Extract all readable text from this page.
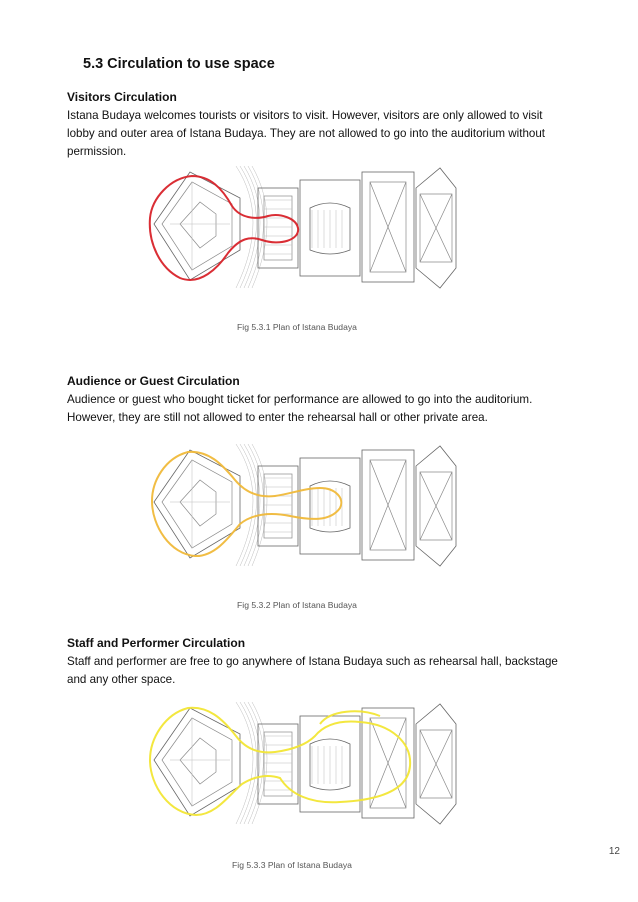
5.3 Circulation to use space
Visitors Circulation
Istana Budaya welcomes tourists or visitors to visit. However, visitors are only allowed to visit
lobby and outer area of Istana Budaya. They are not allowed to go into the auditorium without
permission.
Fig 5.3.1 Plan of Istana Budaya
Audience or Guest Circulation
Audience or guest who bought ticket for performance are allowed to go into the auditorium.
However, they are still not allowed to enter the rehearsal hall or other private area.
Fig 5.3.2 Plan of Istana Budaya
Staff and Performer Circulation
Staff and performer are free to go anywhere of Istana Budaya such as rehearsal hall, backstage
and any other space.
12
Fig 5.3.3 Plan of Istana Budaya
